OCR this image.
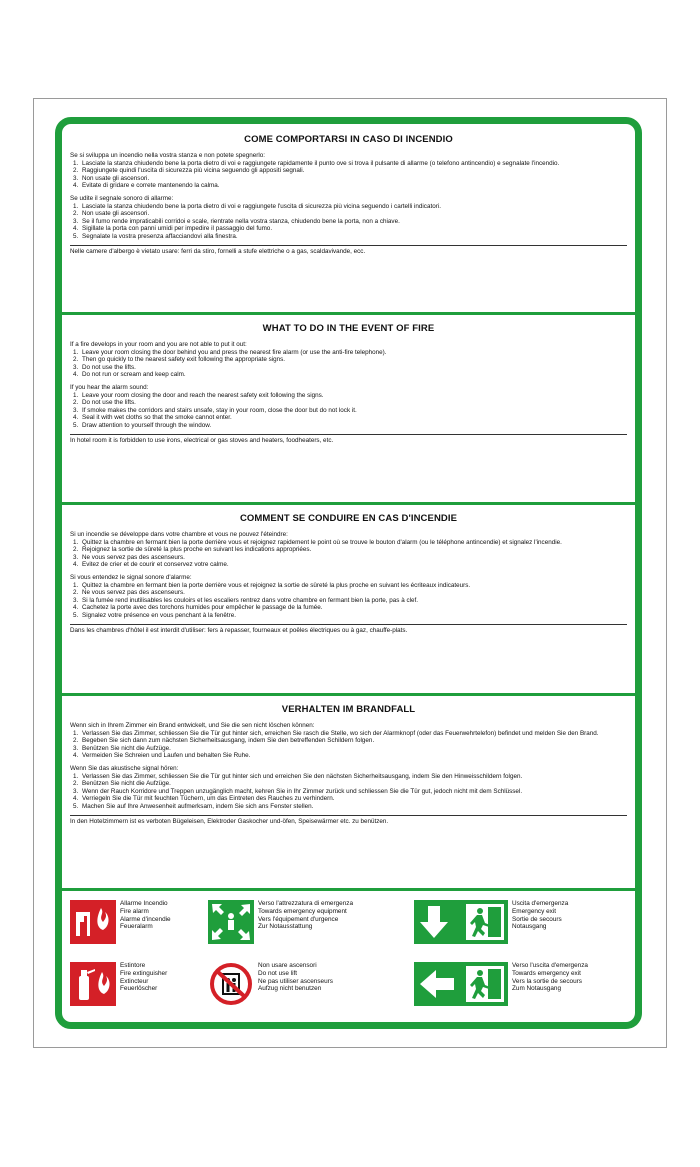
COME COMPORTARSI IN CASO DI INCENDIO

Se si sviluppa un incendio nella vostra stanza e non potete spegnerlo:

1. Lasciate la stanza chiudendo bene la porta dietro di voi e raggiungete rapidamente il punto ove si trova il pulsante di allarme (o telefono antincendio) e segnalate l'incendio.
2. Raggiungete quindi l'uscita di sicurezza più vicina seguendo gli appositi segnali.
3. Non usate gli ascensori.
4. Evitate di gridare e correte mantenendo la calma.

Se udite il segnale sonoro di allarme:

1. Lasciate la stanza chiudendo bene la porta dietro di voi e raggiungete l'uscita di sicurezza più vicina seguendo i cartelli indicatori.
2. Non usate gli ascensori.
3. Se il fumo rende impraticabili corridoi e scale, rientrate nella vostra stanza, chiudendo bene la porta, non a chiave.
4. Sigillate la porta con panni umidi per impedire il passaggio del fumo.
5. Segnalate la vostra presenza affacciandovi alla finestra.
Nelle camere d'albergo è vietato usare: ferri da stiro, fornelli a stufe elettriche o a gas, scaldavivande, ecc.
WHAT TO DO IN THE EVENT OF FIRE

If a fire develops in your room and you are not able to put it out:

1. Leave your room closing the door behind you and press the nearest fire alarm (or use the anti-fire telephone).
2. Then go quickly to the nearest safety exit following the appropriate signs.
3. Do not use the lifts.
4. Do not run or scream and keep calm.

If you hear the alarm sound:

1. Leave your room closing the door and reach the nearest safety exit following the signs.
2. Do not use the lifts.
3. If smoke makes the corridors and stairs unsafe, stay in your room, close the door but do not lock it.
4. Seal it with wet cloths so that the smoke cannot enter.
5. Draw attention to yourself through the window.
In hotel room it is forbidden to use irons, electrical or gas stoves and heaters, foodheaters, etc.
COMMENT SE CONDUIRE EN CAS D'INCENDIE

Si un incendie se développe dans votre chambre et vous ne pouvez l'éteindre:

1. Quittez la chambre en fermant bien la porte derrière vous et rejoignez rapidement le point où se trouve le bouton d'alarm (ou le téléphone antincendie) et signalez l'incendie.
2. Rejoignez la sortie de sûreté la plus proche en suivant les indications appropriées.
3. Ne vous servez pas des ascenseurs.
4. Evitez de crier et de courir et conservez votre calme.

Si vous entendez le signal sonore d'alarme:

1. Quittez la chambre en fermant bien la porte derrière vous et rejoignez la sortie de sûreté la plus proche en suivant les écriteaux indicateurs.
2. Ne vous servez pas des ascenseurs.
3. Si la fumée rend inutilisables les couloirs et les escaliers rentrez dans votre chambre en fermant bien la porte, pas à clef.
4. Cachetez la porte avec des torchons humides pour empêcher le passage de la fumée.
5. Signalez votre présence en vous penchant à la fenêtre.
Dans les chambres d'hôtel il est interdit d'utiliser: fers à repasser, fourneaux et poêles électriques ou à gaz, chauffe-plats.
VERHALTEN IM BRANDFALL

Wenn sich in Ihrem Zimmer ein Brand entwickelt, und Sie die sen nicht löschen können:

1. Verlassen Sie das Zimmer, schliessen Sie die Tür gut hinter sich, erreichen Sie rasch die Stelle, wo sich der Alarmknopf (oder das Feuerwehrtelefon) befindet und melden Sie den Brand.
2. Begeben Sie sich dann zum nächsten Sicherheitsausgang, indem Sie den betreffenden Schildern folgen.
3. Benützen Sie nicht die Aufzüge.
4. Vermeiden Sie Schreien und Laufen und behalten Sie Ruhe.

Wenn Sie das akustische signal hören:

1. Verlassen Sie das Zimmer, schliessen Sie die Tür gut hinter sich und erreichen Sie den nächsten Sicherheitsausgang, indem Sie den Hinweisschildern folgen.
2. Benützen Sie nicht die Aufzüge.
3. Wenn der Rauch Korridore und Treppen unzugänglich macht, kehren Sie in Ihr Zimmer zurück und schliessen Sie die Tür gut, jedoch nicht mit dem Schlüssel.
4. Verriegeln Sie die Tür mit feuchten Tüchern, um das Eintreten des Rauches zu verhindern.
5. Machen Sie auf Ihre Anwesenheit aufmerksam, indem Sie sich ans Fenster stellen.
In den Hotelzimmern ist es verboten Bügeleisen, Elektroder Gaskocher und-öfen, Speisewärmer etc. zu benützen.
Allarme Incendio
Fire alarm
Alarme d'incendie
Feueralarm
Verso l'attrezzatura di emergenza
Towards emergency equipment
Vers l'équipement d'urgence
Zur Notausstattung
Uscita d'emergenza
Emergency exit
Sortie de secours
Notausgang
Estintore
Fire extinguisher
Extincteur
Feuerlöscher
Non usare ascensori
Do not use lift
Ne pas utiliser ascenseurs
Aufzug nicht benutzen
Verso l'uscita d'emergenza
Towards emergency exit
Vers la sortie de secours
Zum Notausgang
